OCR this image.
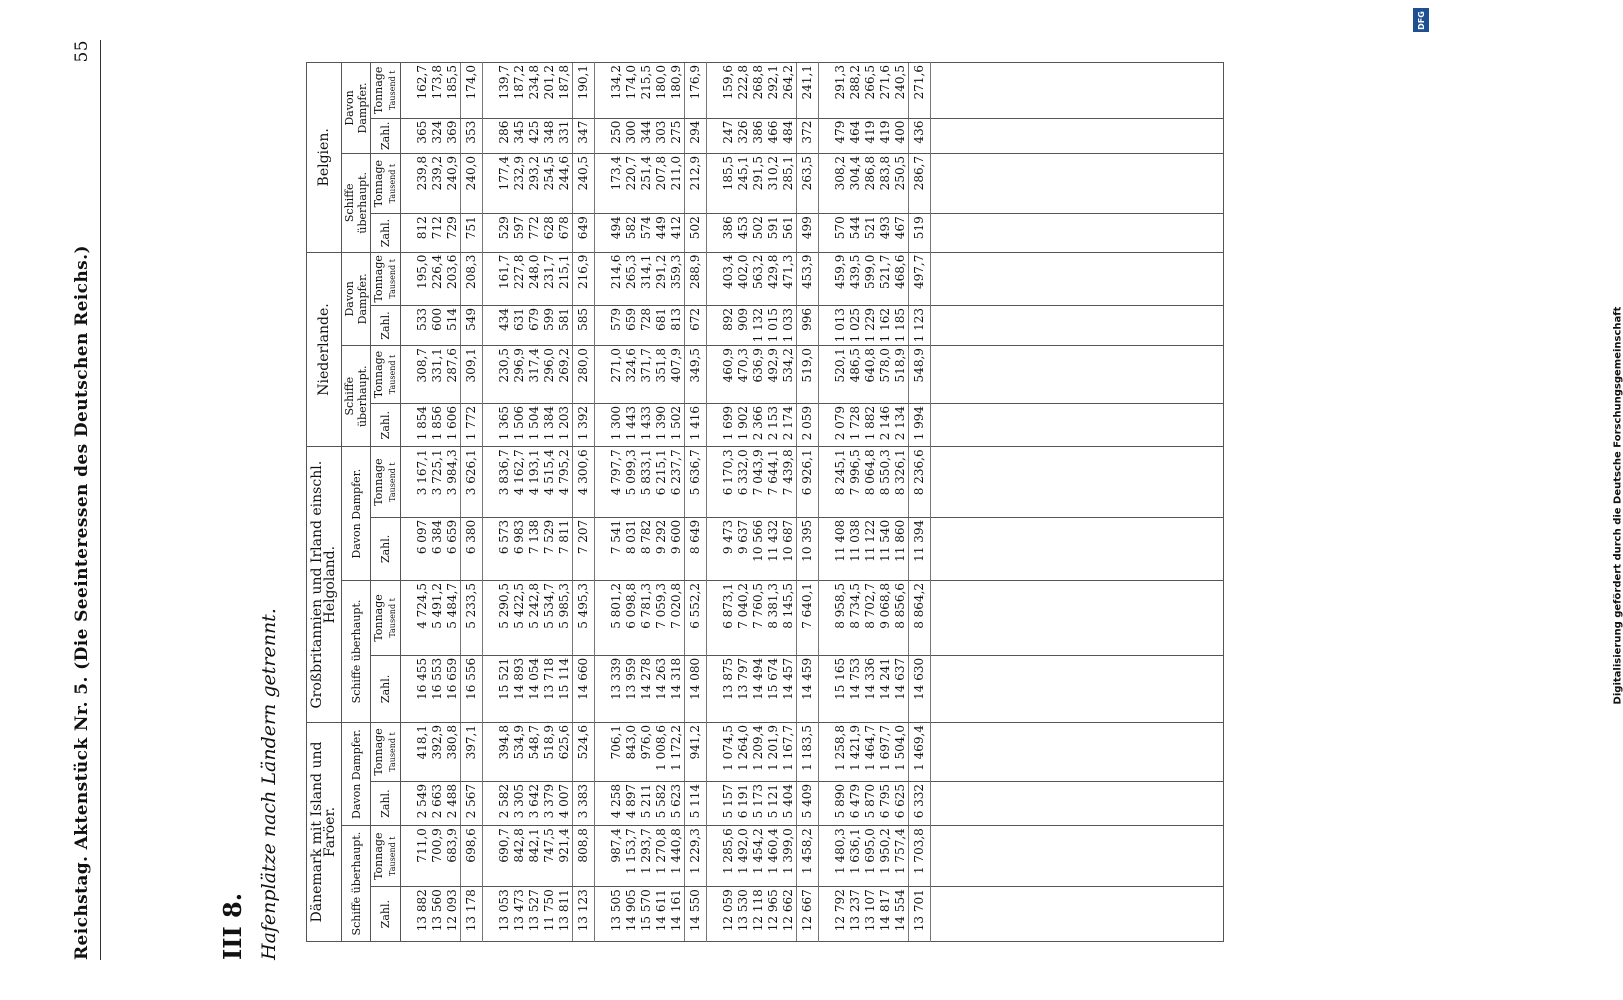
Reichstag. Aktenstück Nr. 5. (Die Seeinteressen des Deutschen Reichs.)
55
III 8. Hafenplätze nach Ländern getrennt. Dänemark mit Island und Faröer.				Großbritannien und Irland einschl. Helgoland.				Niederlande.				Belgien.			
Schiffe überhaupt.		Davon Dampfer.		Schiffe überhaupt.		Davon Dampfer.		Schiffe überhaupt.		Davon Dampfer.		Schiffe überhaupt.		Davon Dampfer.	
Zahl.	Tonnage Tausend t	Zahl.	Tonnage Tausend t	Zahl.	Tonnage Tausend t	Zahl.	Tonnage Tausend t	Zahl.	Tonnage Tausend t	Zahl.	Tonnage Tausend t	Zahl.	Tonnage Tausend t	Zahl.	Tonnage Tausend t

13 882	711,0	2 549	418,1	16 455	4 724,5	6 097	3 167,1	1 854	308,7	533	195,0	812	239,8	365	162,7
13 560	700,9	2 663	392,9	16 553	5 491,2	6 384	3 725,1	1 856	331,1	600	226,4	712	239,2	324	173,8
12 093	683,9	2 488	380,8	16 659	5 484,7	6 659	3 984,3	1 606	287,6	514	203,6	729	240,9	369	185,5
13 178	698,6	2 567	397,1	16 556	5 233,5	6 380	3 626,1	1 772	309,1	549	208,3	751	240,0	353	174,0

13 053	690,7	2 582	394,8	15 521	5 290,5	6 573	3 836,7	1 365	230,5	434	161,7	529	177,4	286	139,7
13 473	842,8	3 305	534,9	14 893	5 422,5	6 983	4 162,7	1 506	296,9	631	227,8	597	232,9	345	187,2
13 527	842,1	3 642	548,7	14 054	5 242,8	7 138	4 193,1	1 504	317,4	679	248,0	772	293,2	425	234,8
11 750	747,5	3 379	518,9	13 718	5 534,7	7 529	4 515,4	1 384	296,0	599	231,7	628	254,5	348	201,2
13 811	921,4	4 007	625,6	15 114	5 985,3	7 811	4 795,2	1 203	269,2	581	215,1	678	244,6	331	187,8
13 123	808,8	3 383	524,6	14 660	5 495,3	7 207	4 300,6	1 392	280,0	585	216,9	649	240,5	347	190,1

13 505	987,4	4 258	706,1	13 339	5 801,2	7 541	4 797,7	1 300	271,0	579	214,6	494	173,4	250	134,2
14 905	1 153,7	4 897	843,0	13 959	6 098,8	8 031	5 099,3	1 443	324,6	659	265,3	582	220,7	300	174,0
15 570	1 293,7	5 211	976,0	14 278	6 781,3	8 782	5 833,1	1 433	371,7	728	314,1	574	251,4	344	215,5
14 611	1 270,8	5 582	1 008,6	14 263	7 059,3	9 292	6 215,1	1 390	351,8	681	291,2	449	207,8	303	180,0
14 161	1 440,8	5 623	1 172,2	14 318	7 020,8	9 600	6 237,7	1 502	407,9	813	359,3	412	211,0	275	180,9
14 550	1 229,3	5 114	941,2	14 080	6 552,2	8 649	5 636,7	1 416	349,5	672	288,9	502	212,9	294	176,9

12 059	1 285,6	5 157	1 074,5	13 875	6 873,1	9 473	6 170,3	1 699	460,9	892	403,4	386	185,5	247	159,6
13 530	1 492,0	6 191	1 264,0	13 797	7 040,2	9 637	6 332,0	1 902	470,3	909	402,0	453	245,1	326	222,8
12 118	1 454,2	5 173	1 209,4	14 494	7 760,5	10 566	7 043,9	2 366	636,9	1 132	563,2	502	291,5	386	268,8
12 965	1 460,4	5 121	1 201,9	15 674	8 381,3	11 432	7 644,1	2 153	492,9	1 015	429,8	591	310,2	466	292,1
12 662	1 399,0	5 404	1 167,7	14 457	8 145,5	10 687	7 439,8	2 174	534,2	1 033	471,3	561	285,1	484	264,2
12 667	1 458,2	5 409	1 183,5	14 459	7 640,1	10 395	6 926,1	2 059	519,0	996	453,9	499	263,5	372	241,1

12 792	1 480,3	5 890	1 258,8	15 165	8 958,5	11 408	8 245,1	2 079	520,1	1 013	459,9	570	308,2	479	291,3
13 237	1 636,1	6 479	1 421,9	14 753	8 734,5	11 038	7 996,5	1 728	486,5	1 025	439,5	544	304,4	464	288,2
13 107	1 695,0	5 870	1 464,7	14 336	8 702,7	11 122	8 064,8	1 882	640,8	1 229	599,0	521	286,8	419	266,5
14 817	1 950,2	6 795	1 697,7	14 241	9 068,8	11 540	8 550,3	2 146	578,0	1 162	521,7	493	283,8	419	271,6
14 554	1 757,4	6 625	1 504,0	14 637	8 856,6	11 860	8 326,1	2 134	518,9	1 185	468,6	467	250,5	400	240,5
13 701	1 703,8	6 332	1 469,4	14 630	8 864,2	11 394	8 236,6	1 994	548,9	1 123	497,7	519	286,7	436	271,6

DFG
Digitalisierung gefördert durch die Deutsche Forschungsgemeinschaft
